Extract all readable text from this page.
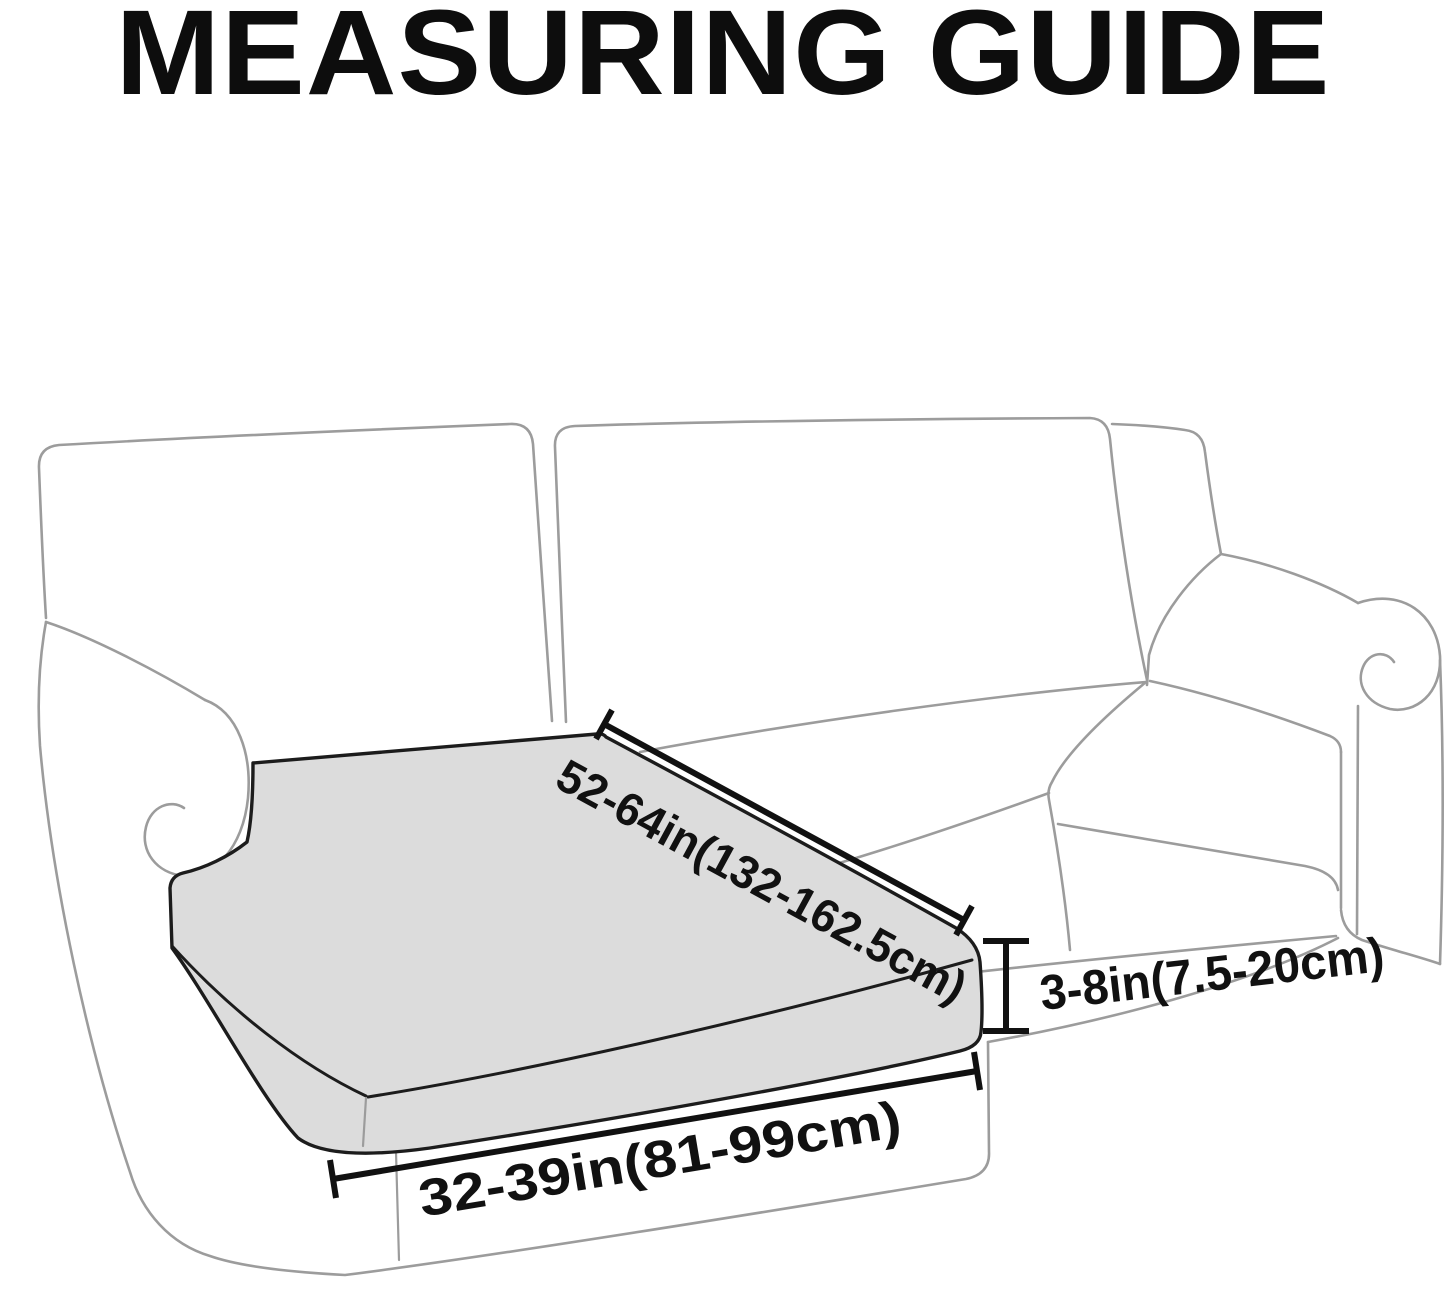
MEASURING GUIDE
52-64in(132-162.5cm) 3-8in(7.5-20cm)
32-39in(81-99cm)
